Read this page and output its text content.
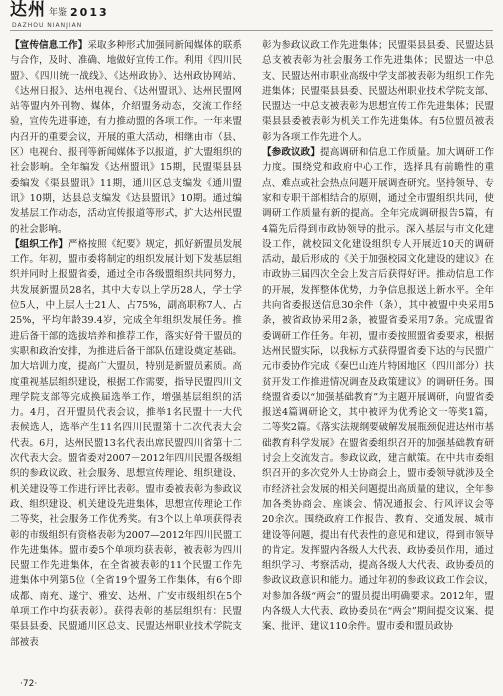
达州 年鉴 2013
DAZHOU NIANJIAN

【宣传信息工作】采取多种形式加强同新闻媒体的联系与合作，及时、准确、地做好宣传工作。利用《四川民盟》、《四川统一战线》、《达州政协》、达州政协网站、《达州日报》、达州电视台、《达州盟讯》、达州民盟网站等盟内外刊物、媒体，介绍盟务动态，交流工作经验，宣传先进事迹，有力推动盟的各项工作。一年来盟内召开的重要会议，开展的重大活动，相继由市（县、区）电视台、报刊等新闻媒体予以报道，扩大盟组织的社会影响。全年编发《达州盟讯》15期，民盟渠县县委编发《渠县盟讯》11期，通川区总支编发《通川盟讯》10期，达县总支编发《达县盟讯》10期。通过编发基层工作动态，活动宣传报道等形式，扩大达州民盟的社会影响。

【组织工作】严格按照《纪要》规定，抓好新盟员发展工作。年初，盟市委将制定的组织发展计划下发基层组织并同时上报盟省委，通过全市各级盟组织共同努力，共发展新盟员28名，其中大专以上学历28人，学士学位5人，中上层人士21人、占75%，副高职称7人、占25%，平均年龄39.4岁，完成全年组织发展任务。推进后备干部的选拔培养和推荐工作，落实好骨干盟员的实职和政治安排，为推进后备干部队伍建设奠定基础。加大培训力度，提高广大盟员，特别是新盟员素质。高度重视基层组织建设，根据工作需要，指导民盟四川文理学院支部等完成换届选举工作，增强基层组织的活力。4月，召开盟员代表会议，推举1名民盟十一大代表候选人，选举产生11名四川民盟第十二次代表大会代表。6月，达州民盟13名代表出席民盟四川省第十二次代表大会。盟省委对2007－2012年四川民盟各级组织的参政议政、社会服务、思想宣传理论、组织建设、机关建设等工作进行评比表彰。盟市委被表彰为参政议政、组织建设、机关建设先进集体，思想宣传理论工作二等奖，社会服务工作优秀奖。有3个以上单项获得表彰的市级组织有资格表彰为2007—2012年四川民盟工作先进集体。盟市委5个单项均获表彰，被表彰为四川民盟工作先进集体，在全省被表彰的11个民盟工作先进集体中列第5位（全省19个盟务工作集体，有6个即成都、南充、遂宁、雅安、达州、广安市级组织在5个单项工作中均获表彰）。获得表彰的基层组织有：民盟渠县县委、民盟通川区总支、民盟达州职业技术学院支部被表

彰为参政议政工作先进集体；民盟渠县县委、民盟达县总支被表彰为社会服务工作先进集体；民盟达一中总支、民盟达州市职业高级中学支部被表彰为组织工作先进集体；民盟渠县县委、民盟达州职业技术学院支部、民盟达一中总支被表彰为思想宣传工作先进集体；民盟渠县县委被表彰为机关工作先进集体。有5位盟员被表彰为各项工作先进个人。

【参政议政】提高调研和信息工作质量。加大调研工作力度。围绕党和政府中心工作，选择具有前瞻性的重点、难点或社会热点问题开展调查研究。坚持领导、专家和专职干部相结合的原则，通过全市盟组织共同，使调研工作质量有新的提高。全年完成调研报告5篇，有4篇先后得到市政协领导的批示。深入基层与市文化建设工作，就校园文化建设组织专人开展近10天的调研活动，最后形成的《关于加强校园文化建设的建议》在市政协三届四次全会上发言后获得好评。推动信息工作的开展，发挥整体优势，力争信息报送上新水平。全年共向省委报送信息30余件（条），其中被盟中央采用5条，被省政协采用2条，被盟省委采用7条。完成盟省委调研工作任务。年初，盟市委按照盟省委要求，根据达州民盟实际，以我标方式获得盟省委下达的与民盟广元市委协作完成《秦巴山连片特困地区（四川部分）扶贫开发工作推进情况调查及政策建议》的调研任务。围绕盟省委以“加强基础教育”为主题开展调研，向盟省委报送4篇调研论文，其中被评为优秀论文一等奖1篇，二等奖2篇。《落实法规纲要破解发展瓶颈促进达州市基础教育科学发展》在盟省委组织召开的加强基础教育研讨会上交流发言。参政议政，建言献策。在中共市委组织召开的多次党外人士协商会上，盟市委领导就涉及全市经济社会发展的相关问题提出高质量的建议，全年参加各类协商会、座谈会、情况通报会、行风评议会等20余次。围绕政府工作报告、教育、交通发展、城市建设等问题，提出有代表性的意见和建议，得到市领导的肯定。发挥盟内各级人大代表、政协委员作用，通过组织学习、考察活动，提高各级人大代表、政协委员的参政议政意识和能力。通过年初的参政议政工作会议，对参加各级“两会”的盟员提出明确要求。2012年，盟内各级人大代表、政协委员在“两会”期间提交议案、提案、批评、建议110余件。盟市委和盟员政协

·72·
